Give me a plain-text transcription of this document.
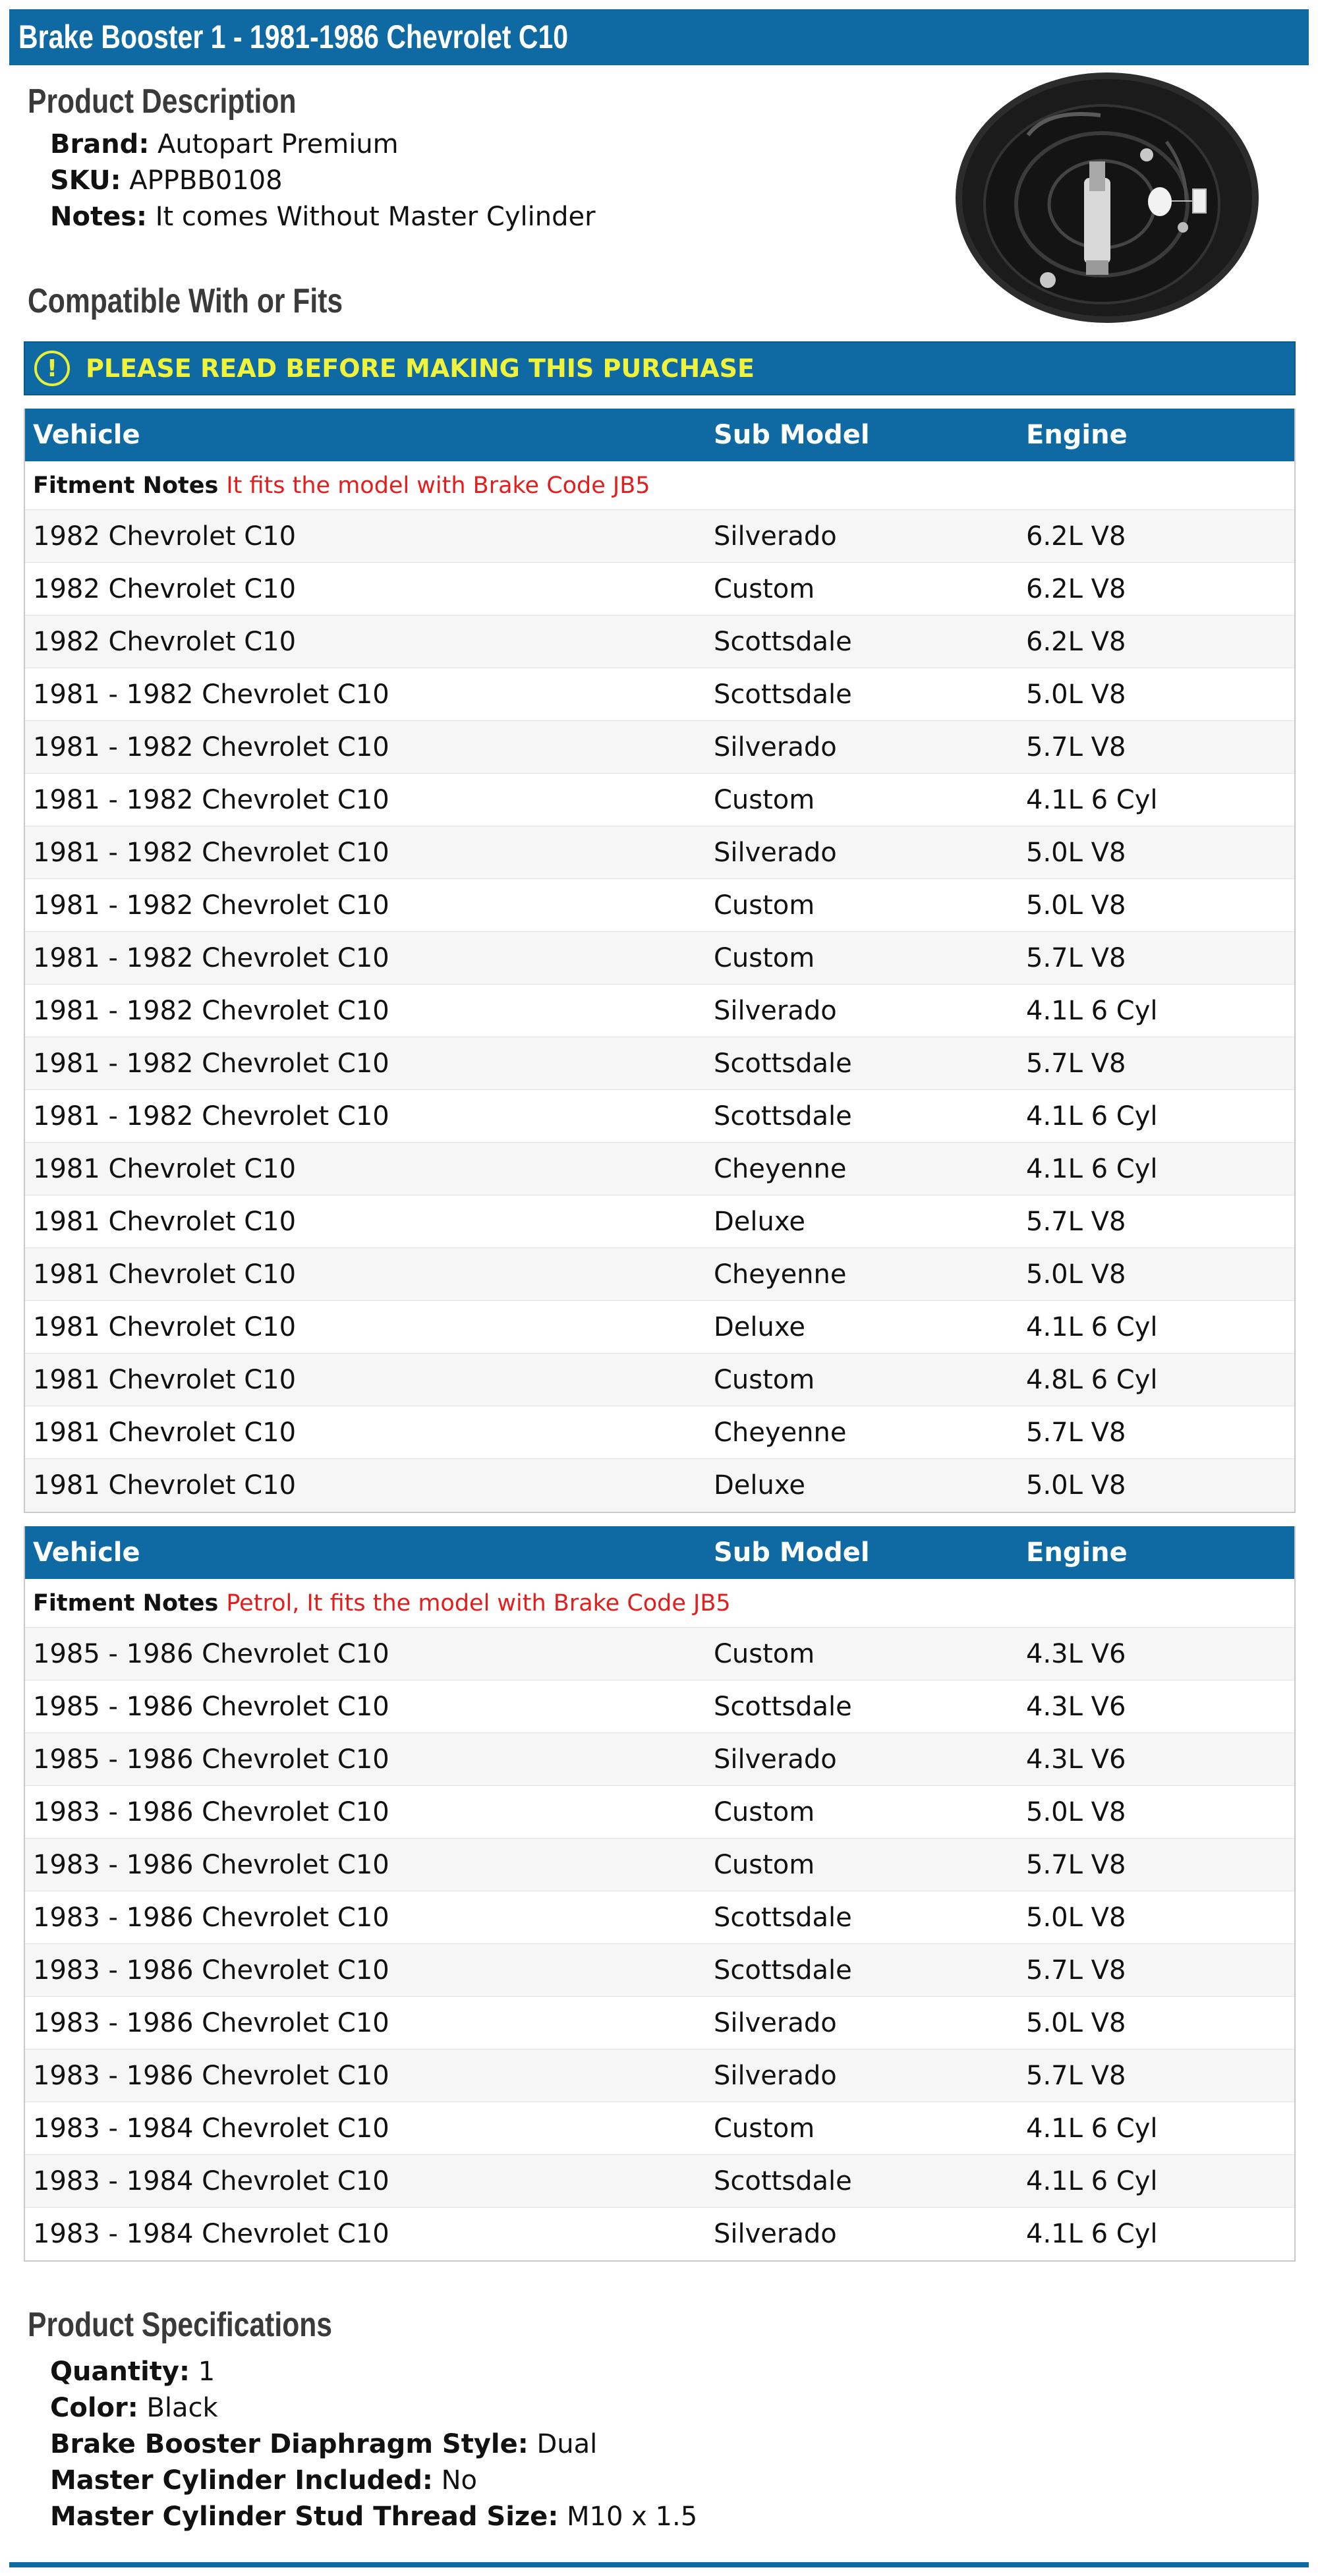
Brake Booster 1 - 1981-1986 Chevrolet C10
Product Description
Brand: Autopart Premium
SKU: APPBB0108
Notes: It comes Without Master Cylinder
Compatible With or Fits
!	PLEASE READ BEFORE MAKING THIS PURCHASE
Vehicle	Sub Model	Engine
Fitment Notes It fits the model with Brake Code JB5
1982 Chevrolet C10	Silverado	6.2L V8
1982 Chevrolet C10	Custom	6.2L V8
1982 Chevrolet C10	Scottsdale	6.2L V8
1981 - 1982 Chevrolet C10	Scottsdale	5.0L V8
1981 - 1982 Chevrolet C10	Silverado	5.7L V8
1981 - 1982 Chevrolet C10	Custom	4.1L 6 Cyl
1981 - 1982 Chevrolet C10	Silverado	5.0L V8
1981 - 1982 Chevrolet C10	Custom	5.0L V8
1981 - 1982 Chevrolet C10	Custom	5.7L V8
1981 - 1982 Chevrolet C10	Silverado	4.1L 6 Cyl
1981 - 1982 Chevrolet C10	Scottsdale	5.7L V8
1981 - 1982 Chevrolet C10	Scottsdale	4.1L 6 Cyl
1981 Chevrolet C10	Cheyenne	4.1L 6 Cyl
1981 Chevrolet C10	Deluxe	5.7L V8
1981 Chevrolet C10	Cheyenne	5.0L V8
1981 Chevrolet C10	Deluxe	4.1L 6 Cyl
1981 Chevrolet C10	Custom	4.8L 6 Cyl
1981 Chevrolet C10	Cheyenne	5.7L V8
1981 Chevrolet C10	Deluxe	5.0L V8
Vehicle	Sub Model	Engine
Fitment Notes Petrol, It fits the model with Brake Code JB5
1985 - 1986 Chevrolet C10	Custom	4.3L V6
1985 - 1986 Chevrolet C10	Scottsdale	4.3L V6
1985 - 1986 Chevrolet C10	Silverado	4.3L V6
1983 - 1986 Chevrolet C10	Custom	5.0L V8
1983 - 1986 Chevrolet C10	Custom	5.7L V8
1983 - 1986 Chevrolet C10	Scottsdale	5.0L V8
1983 - 1986 Chevrolet C10	Scottsdale	5.7L V8
1983 - 1986 Chevrolet C10	Silverado	5.0L V8
1983 - 1986 Chevrolet C10	Silverado	5.7L V8
1983 - 1984 Chevrolet C10	Custom	4.1L 6 Cyl
1983 - 1984 Chevrolet C10	Scottsdale	4.1L 6 Cyl
1983 - 1984 Chevrolet C10	Silverado	4.1L 6 Cyl
Product Specifications
Quantity: 1
Color: Black
Brake Booster Diaphragm Style: Dual
Master Cylinder Included: No
Master Cylinder Stud Thread Size: M10 x 1.5
